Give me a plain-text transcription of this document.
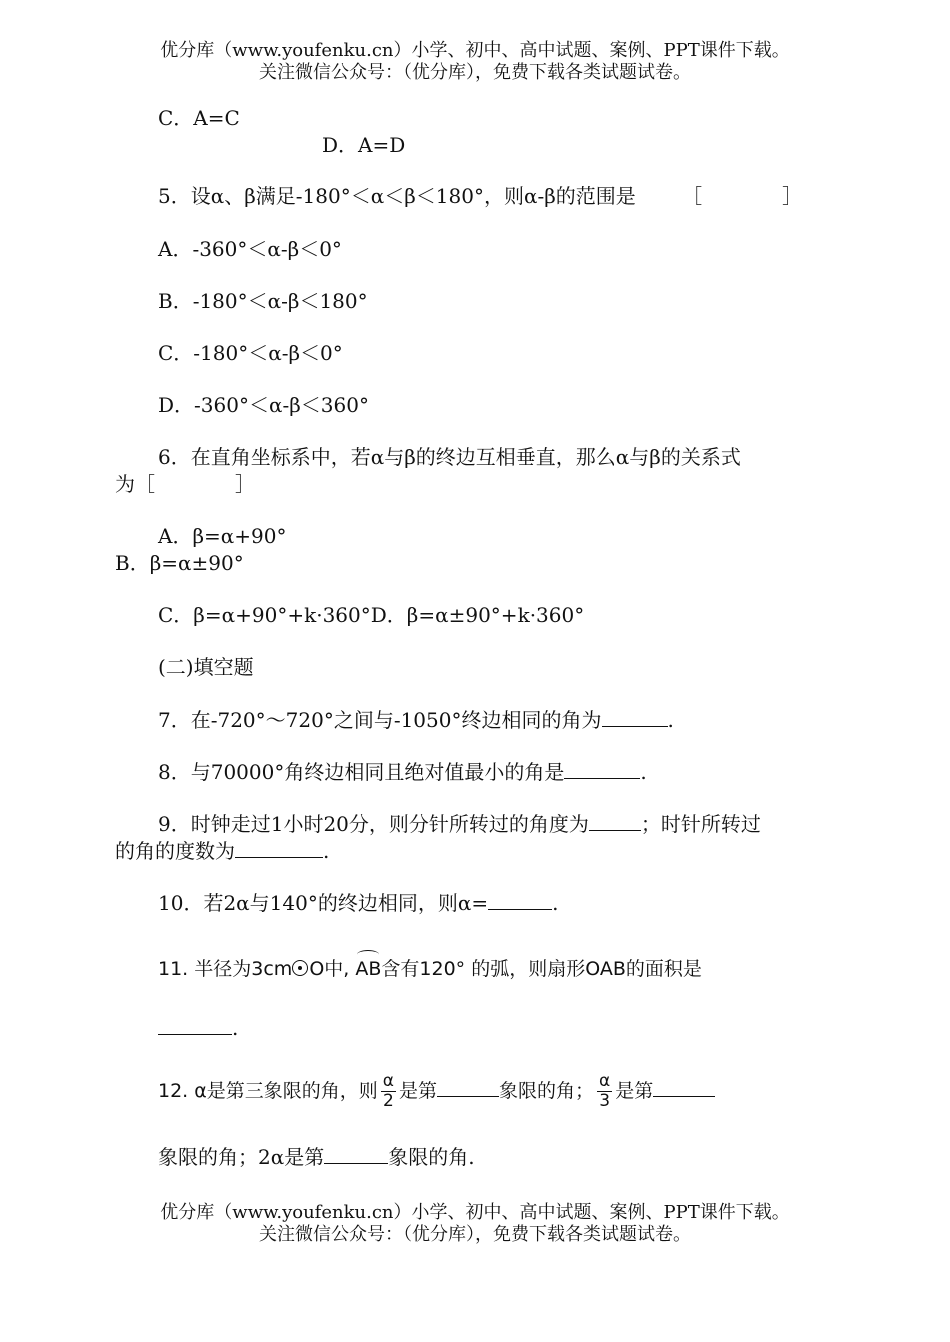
优分库（www.youfenku.cn）小学、初中、高中试题、案例、PPT课件下载。
关注微信公众号：（优分库），免费下载各类试题试卷。
C．A=C
D．A=D
5．设α、β满足-180°＜α＜β＜180°，则α-β的范围是 ［　　　　］
A．-360°＜α-β＜0°
B．-180°＜α-β＜180°
C．-180°＜α-β＜0°
D．-360°＜α-β＜360°
6．在直角坐标系中，若α与β的终边互相垂直，那么α与β的关系式
为［　　　　］
A．β=α+90°
B．β=α±90°
C．β=α+90°+k·360°D．β=α±90°+k·360°
(二)填空题
7．在-720°～720°之间与-1050°终边相同的角为	.
8．与70000°角终边相同且绝对值最小的角是	.
9．时钟走过1小时20分，则分针所转过的角度为	；时针所转过
的角的度数为	.
10．若2α与140°的终边相同，则α=	.
11. 半径为3cm O中, AB含有120° 的弧，则扇形OAB的面积是
.
12. α是第三象限的角，则 $\frac{\alpha}{2}$ 是第	象限的角； $\frac{\alpha}{3}$ 是第
象限的角；2α是第	象限的角.
优分库（www.youfenku.cn）小学、初中、高中试题、案例、PPT课件下载。
关注微信公众号：（优分库），免费下载各类试题试卷。
